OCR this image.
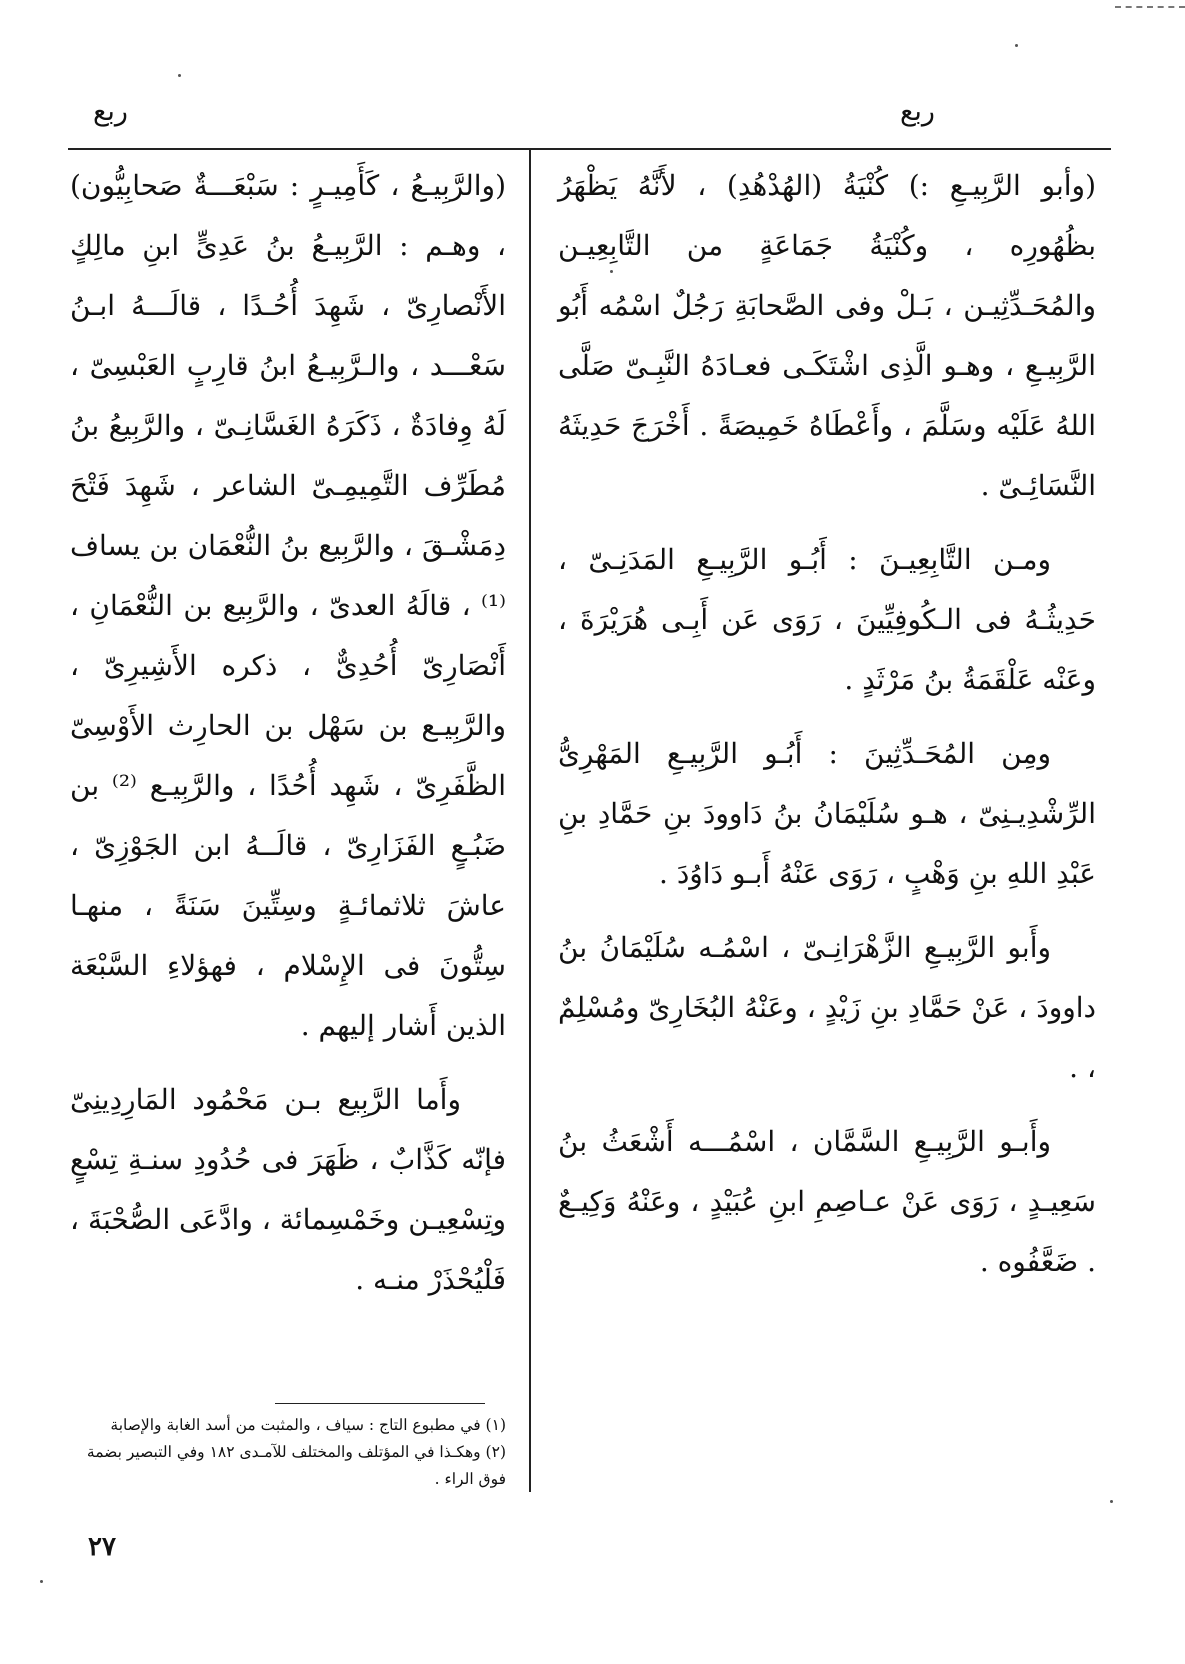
ربع
ربع

(وأبو الرَّبِيـعِ :) كُنْيَةُ (الهُدْهُدِ) ، لأَنَّهُ يَظْهَرُ بظُهُورِه ، وكُنْيَةُ جَمَاعَةٍ من التَّابِعِيـن والمُحَـدِّثِيـن ، بَـلْ وفى الصَّحابَةِ رَجُلٌ اسْمُه أَبُو الرَّبِيـعِ ، وهـو الَّذِى اشْتَكَـى فعـادَهُ النَّبِـىّ صَلَّى اللهُ عَلَيْه وسَلَّمَ ، وأَعْطَاهُ خَمِيصَةً . أَخْرَجَ حَدِيثَهُ النَّسَائِـىّ .

ومـن التَّابِعِيـنَ : أَبُـو الرَّبِيـعِ المَدَنِـىّ ، حَدِيثُـهُ فى الـكُوفِيِّينَ ، رَوَى عَن أَبِـى هُرَيْرَةَ ، وعَنْه عَلْقَمَةُ بنُ مَرْثَدٍ .

ومِن المُحَـدِّثِينَ : أَبُـو الرَّبِيـعِ المَهْرِىُّ الرِّشْدِيـنِىّ ، هـو سُلَيْمَانُ بنُ دَاوودَ بنِ حَمَّادِ بنِ عَبْدِ اللهِ بنِ وَهْبٍ ، رَوَى عَنْهُ أَبـو دَاوُدَ .

وأَبو الرَّبِيـعِ الزَّهْرَانِـىّ ، اسْمُـه سُلَيْمَانُ بنُ داوودَ ، عَنْ حَمَّادِ بنِ زَيْدٍ ، وعَنْهُ البُخَارِىّ ومُسْلِمٌ ، .

وأَبـو الرَّبِيـعِ السَّمَّان ، اسْمُـــه أَشْعَثُ بنُ سَعِيـدٍ ، رَوَى عَنْ عـاصِمِ ابنِ عُبَيْدٍ ، وعَنْهُ وَكِيـعٌ . ضَعَّفُوه .

(والرَّبِيـعُ ، كَأَمِيـرٍ : سَبْعَـــةٌ صَحابِيُّون) ، وهـم : الرَّبِيـعُ بنُ عَدِىٍّ ابنِ مالِكٍ الأَنْصارِىّ ، شَهِدَ أُحُـدًا ، قالَـــهُ ابـنُ سَعْـــد ، والـرَّبِيـعُ ابنُ قارِبٍ العَبْسِىّ ، لَهُ وِفادَةٌ ، ذَكَرَهُ الغَسَّانِـىّ ، والرَّبِيعُ بنُ مُطَرِّف التَّمِيمِـىّ الشاعر ، شَهِدَ فَتْحَ دِمَشْـقَ ، والرَّبِيع بنُ النُّعْمَان بن يساف ⁽¹⁾ ، قالَهُ العدىّ ، والرَّبِيع بن النُّعْمَانِ ، أَنْصَارِىّ أُحُدِىٌّ ، ذكره الأَشِيرِىّ ، والرَّبِيـع بن سَهْل بن الحارِث الأَوْسِىّ الظَّفَرِىّ ، شَهِد أُحُدًا ، والرَّبِيـع ⁽²⁾ بن ضَبُـعٍ الفَزَارِىّ ، قالَــهُ ابن الجَوْزِىّ ، عاشَ ثلاثمائـةٍ وسِتِّينَ سَنَةً ، منهـا سِتُّونَ فى الإِسْلام ، فهؤلاءِ السَّبْعَة الذين أَشار إليهم .

وأَما الرَّبِيع بـن مَحْمُود المَارِدِينِىّ فإنّه كَذَّابٌ ، ظَهَرَ فى حُدُودِ سنـةِ تِسْعٍ وتِسْعِيـن وخَمْسِمائة ، وادَّعَى الصُّحْبَةَ ، فَلْيُحْذَرْ منـه .

(١) في مطبوع التاج : سياف ، والمثبت من أسد الغابة والإصابة

(٢) وهكـذا في المؤتلف والمختلف للآمـدى ١٨٢ وفي التبصير بضمة فوق الراء .

٢٧
